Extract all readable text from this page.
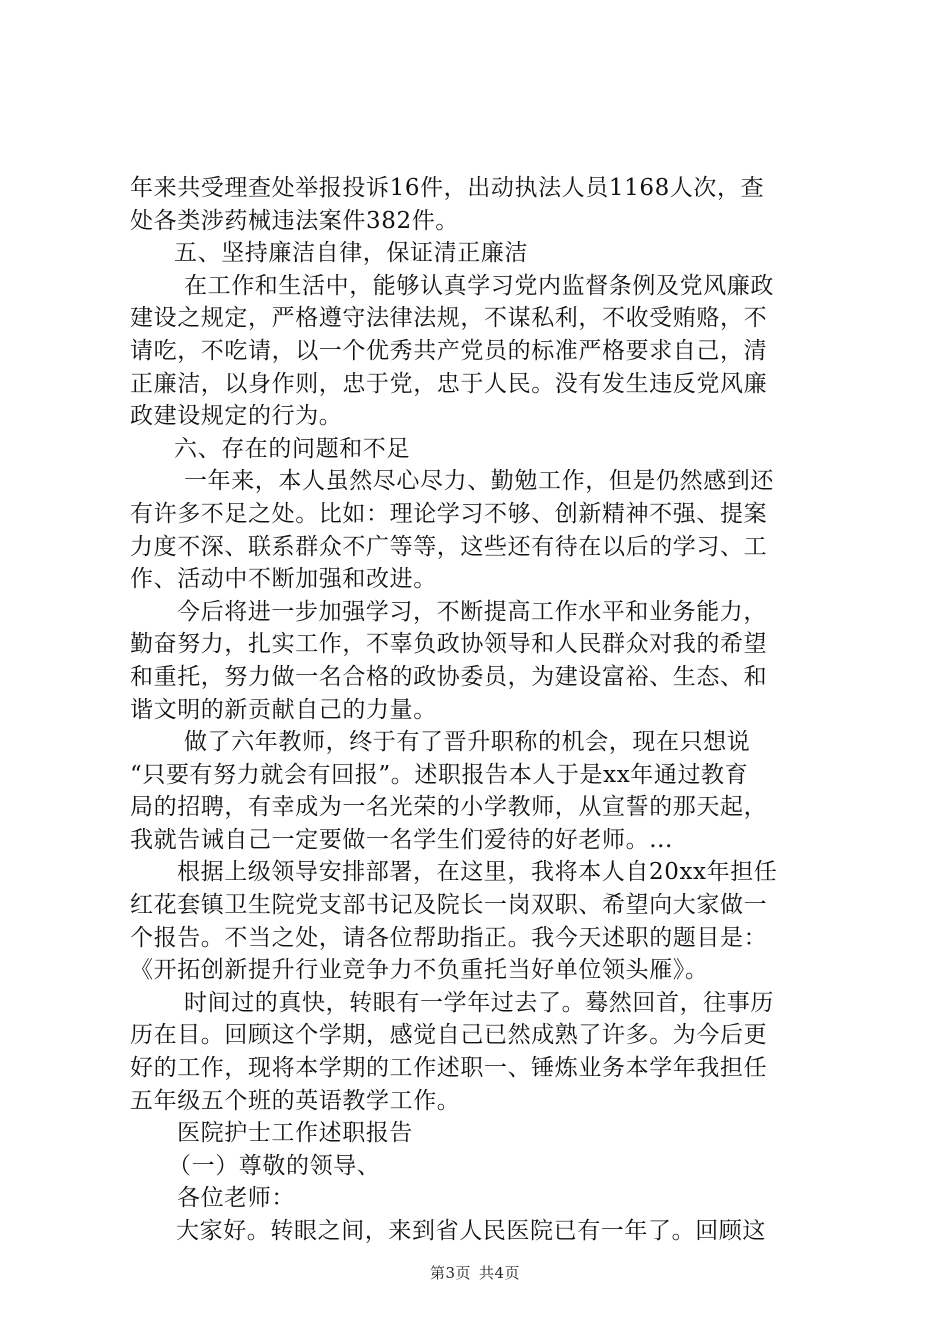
年来共受理查处举报投诉16件，出动执法人员1168人次，查
处各类涉药械违法案件382件。
五、坚持廉洁自律，保证清正廉洁
在工作和生活中，能够认真学习党内监督条例及党风廉政
建设之规定，严格遵守法律法规，不谋私利，不收受贿赂，不
请吃，不吃请，以一个优秀共产党员的标准严格要求自己，清
正廉洁，以身作则，忠于党，忠于人民。没有发生违反党风廉
政建设规定的行为。
六、存在的问题和不足
一年来，本人虽然尽心尽力、勤勉工作，但是仍然感到还
有许多不足之处。比如：理论学习不够、创新精神不强、提案
力度不深、联系群众不广等等，这些还有待在以后的学习、工
作、活动中不断加强和改进。
今后将进一步加强学习，不断提高工作水平和业务能力，
勤奋努力，扎实工作，不辜负政协领导和人民群众对我的希望
和重托，努力做一名合格的政协委员，为建设富裕、生态、和
谐文明的新贡献自己的力量。
做了六年教师，终于有了晋升职称的机会，现在只想说
“只要有努力就会有回报”。述职报告本人于是xx年通过教育
局的招聘，有幸成为一名光荣的小学教师，从宣誓的那天起，
我就告诫自己一定要做一名学生们爱待的好老师。...
根据上级领导安排部署，在这里，我将本人自20xx年担任
红花套镇卫生院党支部书记及院长一岗双职、希望向大家做一
个报告。不当之处，请各位帮助指正。我今天述职的题目是：
《开拓创新提升行业竞争力不负重托当好单位领头雁》。
时间过的真快，转眼有一学年过去了。蓦然回首，往事历
历在目。回顾这个学期，感觉自己已然成熟了许多。为今后更
好的工作，现将本学期的工作述职一、锤炼业务本学年我担任
五年级五个班的英语教学工作。
医院护士工作述职报告
（一）尊敬的领导、
各位老师：
大家好。转眼之间，来到省人民医院已有一年了。回顾这
第3页 共4页
